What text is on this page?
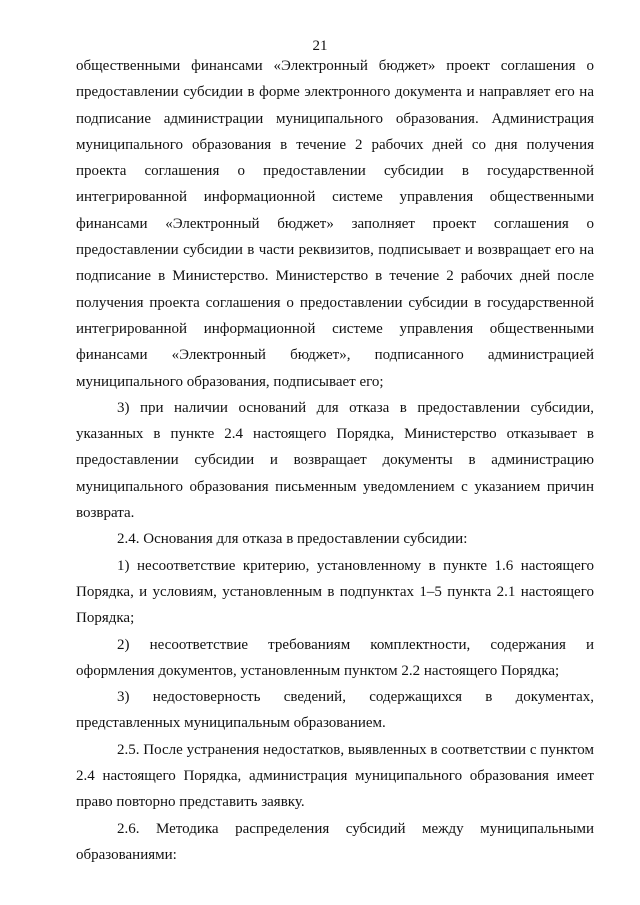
21

общественными финансами «Электронный бюджет» проект соглашения о предоставлении субсидии в форме электронного документа и направляет его на подписание администрации муниципального образования. Администрация муниципального образования в течение 2 рабочих дней со дня получения проекта соглашения о предоставлении субсидии в государственной интегрированной информационной системе управления общественными финансами «Электронный бюджет» заполняет проект соглашения о предоставлении субсидии в части реквизитов, подписывает и возвращает его на подписание в Министерство. Министерство в течение 2 рабочих дней после получения проекта соглашения о предоставлении субсидии в государственной интегрированной информационной системе управления общественными финансами «Электронный бюджет», подписанного администрацией муниципального образования, подписывает его;

3) при наличии оснований для отказа в предоставлении субсидии, указанных в пункте 2.4 настоящего Порядка, Министерство отказывает в предоставлении субсидии и возвращает документы в администрацию муниципального образования письменным уведомлением с указанием причин возврата.

2.4. Основания для отказа в предоставлении субсидии:

1) несоответствие критерию, установленному в пункте 1.6 настоящего Порядка, и условиям, установленным в подпунктах 1–5 пункта 2.1 настоящего Порядка;

2) несоответствие требованиям комплектности, содержания и оформления документов, установленным пунктом 2.2 настоящего Порядка;

3) недостоверность сведений, содержащихся в документах, представленных муниципальным образованием.

2.5. После устранения недостатков, выявленных в соответствии с пунктом 2.4 настоящего Порядка, администрация муниципального образования имеет право повторно представить заявку.

2.6. Методика распределения субсидий между муниципальными образованиями:
